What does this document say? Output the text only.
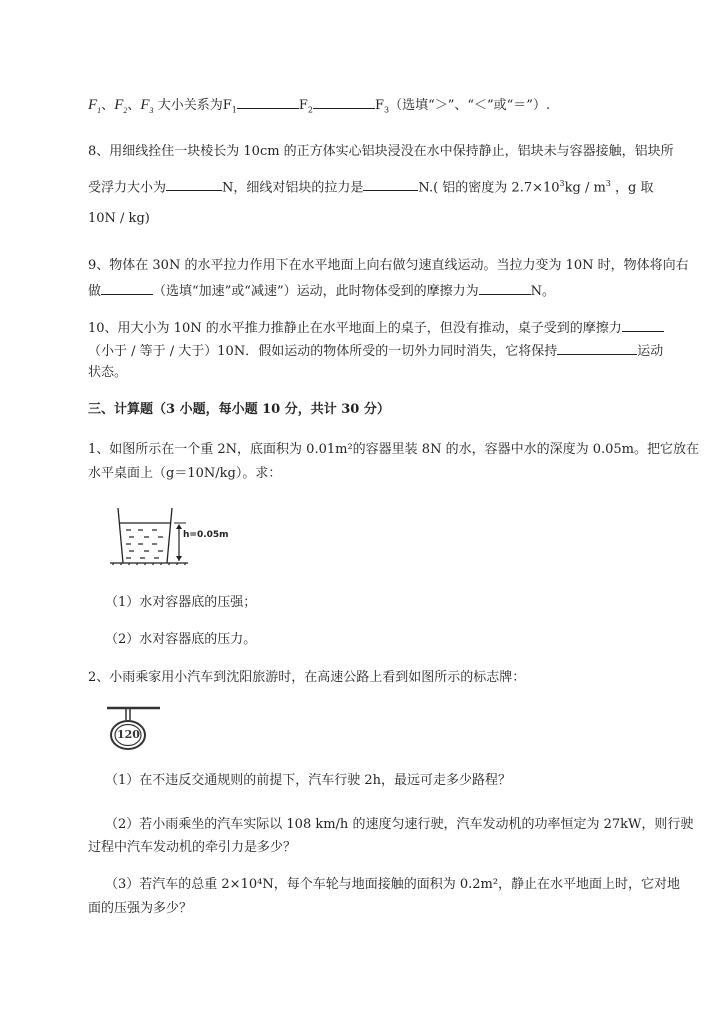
$F_1$、$F_2$、$F_3$ 大小关系为$F_1$	$F_2$	$F_3$（选填“＞”、“＜”或“＝”）.
8、用细线拴住一块棱长为 10cm 的正方体实心铝块浸没在水中保持静止，铝块未与容器接触，铝块所
受浮力大小为	N，细线对铝块的拉力是	N.( 铝的密度为 $2.7\times 10^3kg / m^3$ ，g 取
10N / kg)
9、物体在 30N 的水平拉力作用下在水平地面上向右做匀速直线运动。当拉力变为 10N 时，物体将向右
做	（选填“加速”或“减速”）运动，此时物体受到的摩擦力为	N。
10、用大小为 10N 的水平推力推静止在水平地面上的桌子，但没有推动，桌子受到的摩擦力
（小于 / 等于 / 大于）10N．假如运动的物体所受的一切外力同时消失，它将保持	运动
状态。
三、计算题（3 小题，每小题 10 分，共计 30 分）
1、如图所示在一个重 2N，底面积为 0.01m²的容器里装 8N 的水，容器中水的深度为 0.05m。把它放在
水平桌面上（g＝10N/kg）。求：
h=0.05m
（1）水对容器底的压强；
（2）水对容器底的压力。
2、小雨乘家用小汽车到沈阳旅游时，在高速公路上看到如图所示的标志牌：
120
（1）在不违反交通规则的前提下，汽车行驶 2h，最远可走多少路程？
（2）若小雨乘坐的汽车实际以 108 km/h 的速度匀速行驶，汽车发动机的功率恒定为 27kW，则行驶
过程中汽车发动机的牵引力是多少？
（3）若汽车的总重 2×10⁴N，每个车轮与地面接触的面积为 0.2m²，静止在水平地面上时，它对地
面的压强为多少？
